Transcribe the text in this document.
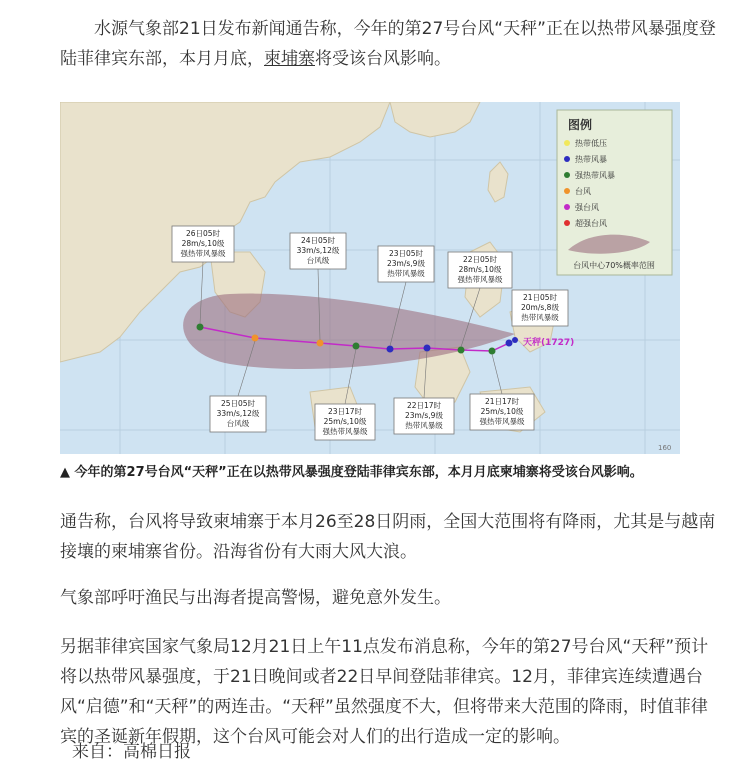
水源气象部21日发布新闻通告称，今年的第27号台风“天秤”正在以热带风暴强度登陆菲律宾东部，本月月底，柬埔寨将受该台风影响。

天秤(1727)
26日05时
28m/s,10级
强热带风暴级
24日05时
33m/s,12级
台风级
23日05时
23m/s,9级
热带风暴级
22日05时
28m/s,10级
强热带风暴级
21日05时
20m/s,8级
热带风暴级
25日05时
33m/s,12级
台风级
23日17时
25m/s,10级
强热带风暴级
22日17时
23m/s,9级
热带风暴级
21日17时
25m/s,10级
强热带风暴级
图例
热带低压
热带风暴
强热带风暴
台风
强台风
超强台风
台风中心70%概率范围
160
▲ 今年的第27号台风“天秤”正在以热带风暴强度登陆菲律宾东部，本月月底柬埔寨将受该台风影响。

通告称，台风将导致柬埔寨于本月26至28日阴雨，全国大范围将有降雨，尤其是与越南接壤的柬埔寨省份。沿海省份有大雨大风大浪。

气象部呼吁渔民与出海者提高警惕，避免意外发生。

另据菲律宾国家气象局12月21日上午11点发布消息称，今年的第27号台风“天秤”预计将以热带风暴强度，于21日晚间或者22日早间登陆菲律宾。12月，菲律宾连续遭遇台风“启德”和“天秤”的两连击。“天秤”虽然强度不大，但将带来大范围的降雨，时值菲律宾的圣诞新年假期，这个台风可能会对人们的出行造成一定的影响。

来自：高棉日报
